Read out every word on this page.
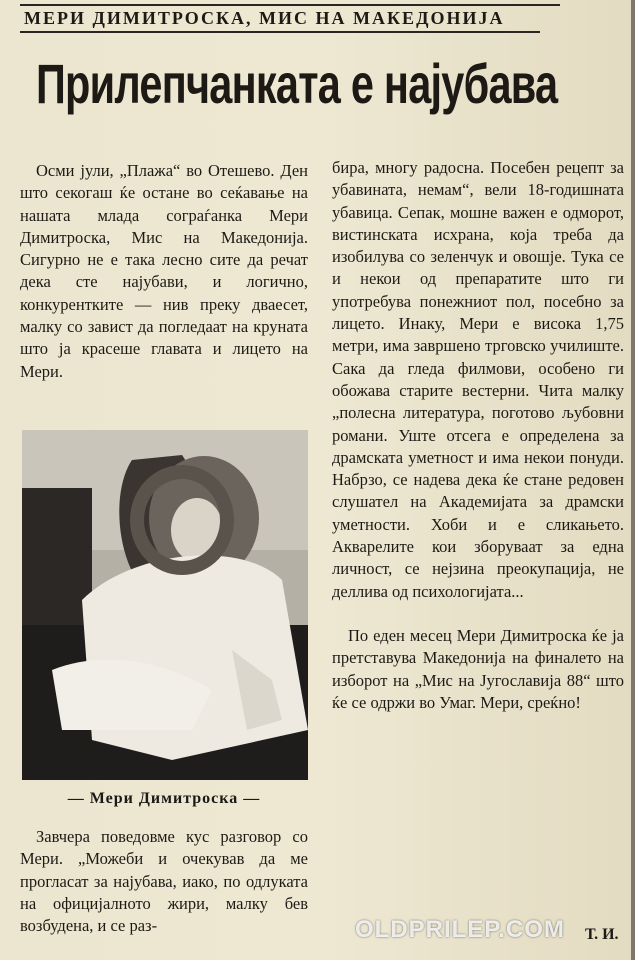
МЕРИ ДИМИТРОСКА, МИС НА МАКЕДОНИЈА
Прилепчанката е најубава

Осми јули, „Плажа“ во Отешево. Ден што секогаш ќе остане во сеќавање на нашата млада сограѓанка Мери Димитроска, Мис на Македонија. Сигурно не е така лесно сите да речат дека сте најубави, и логично, конкурентките — нив преку дваесет, малку со завист да погледаат на круната што ја красеше главата и лицето на Мери.

— Мери Димитроска —

Завчера поведовме кус разговор со Мери. „Можеби и очекував да ме прогласат за најубава, иако, по одлуката на официјалното жири, малку бев возбудена, и се раз-

бирa, многу радосна. Посебен рецепт за убавината, немам“, вели 18-годишната убавица. Сепак, мошне важен е одморот, вистинската исхрана, која треба да изобилува со зеленчук и овошје. Тука се и некои од препаратите што ги употребува понежниот пол, посебно за лицето. Инаку, Мери е висока 1,75 метри, има завршено трговско училиште. Сака да гледа филмови, особено ги обожава старите вестерни. Чита малку „полесна литература, поготово љубовни романи. Уште отсега е определена за драмската уметност и има некои понуди. Набрзо, се надева дека ќе стане редовен слушател на Академијата за драмски уметности. Хоби и е сликањето. Акварелите кои зборуваат за една личност, се нејзина преокупација, не деллива од психологијата...

По еден месец Мери Димитроска ќе ја претставува Македонија на финалето на изборот на „Мис на Југославија 88“ што ќе се одржи во Умаг. Мери, среќно!

OLDPRILEP.COM	Т. И.
